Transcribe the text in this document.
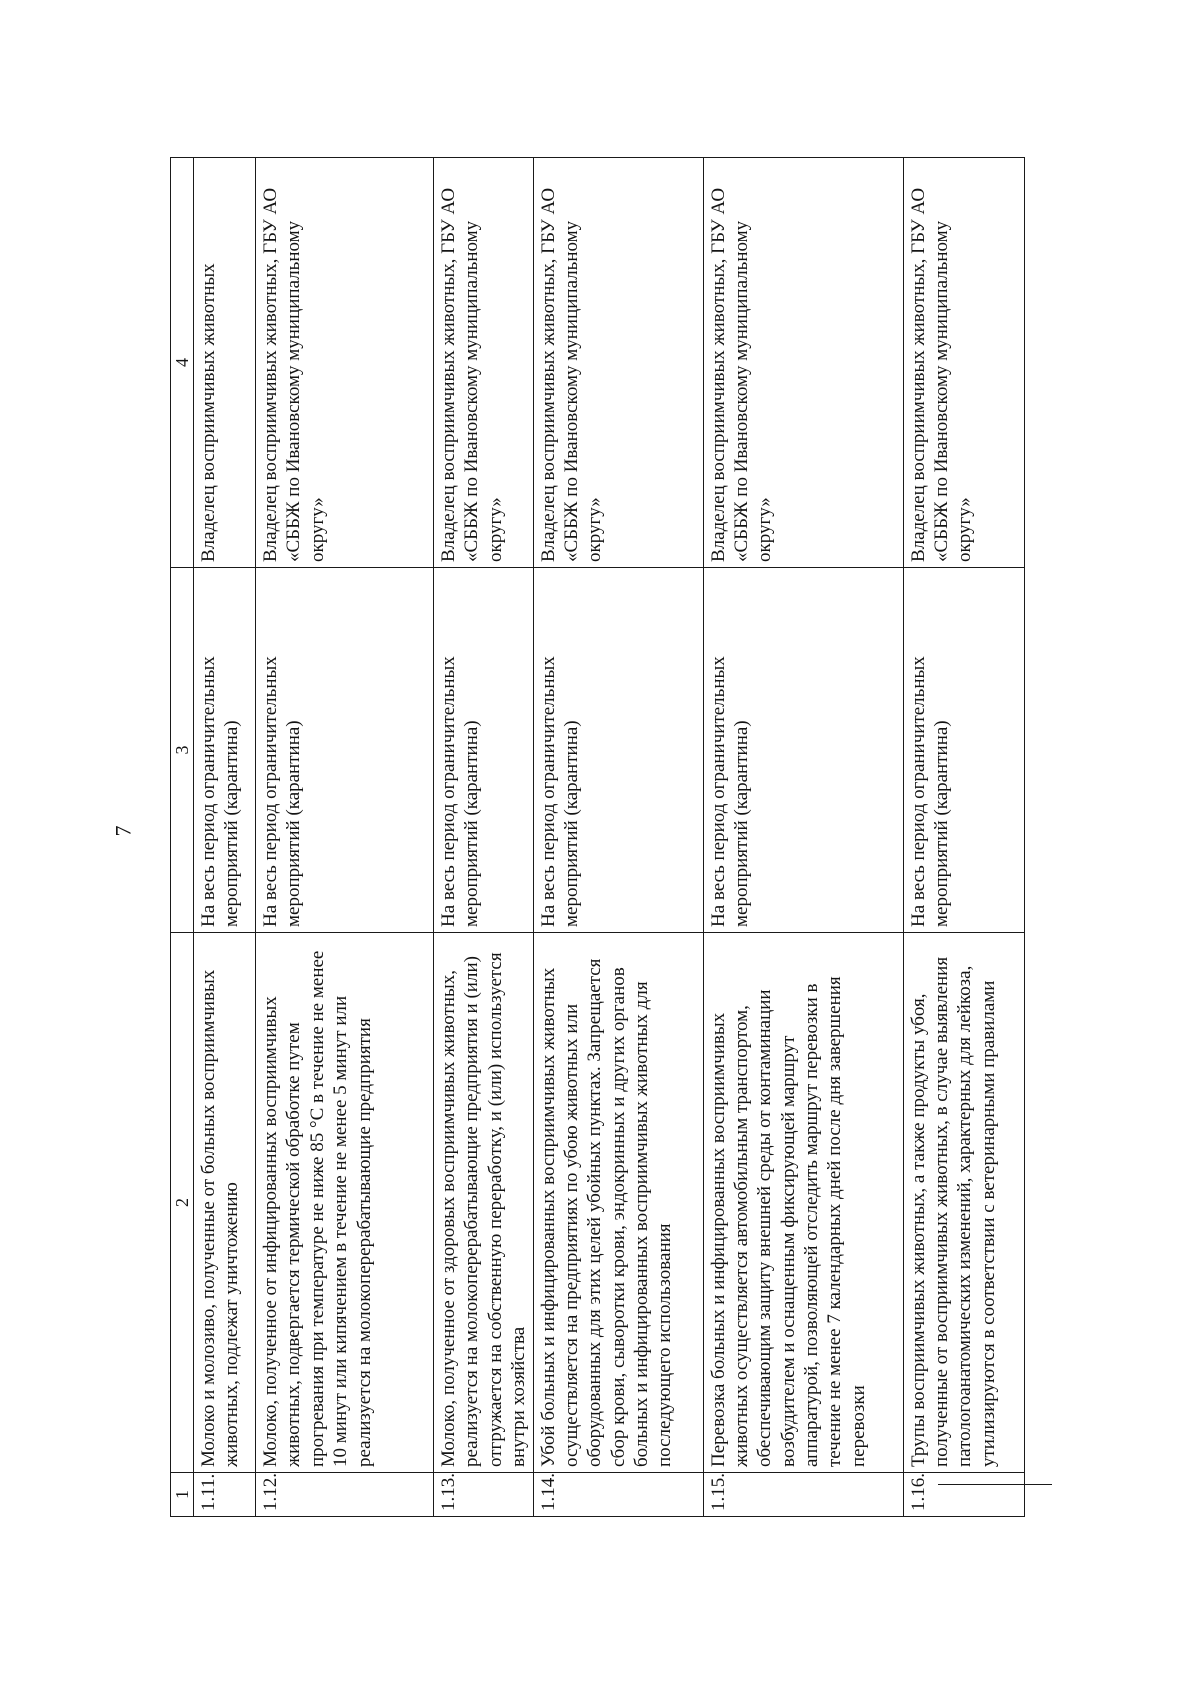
7
1	2	3	4
1.11.	Молоко и молозиво, полученные от больных восприимчивых животных, подлежат уничтожению	На весь период ограничительных мероприятий (карантина)	Владелец восприимчивых животных
1.12.	Молоко, полученное от инфицированных восприимчивых животных, подвергается термической обработке путем прогревания при температуре не ниже 85 °С в течение не менее 10 минут или кипячением в течение не менее 5 минут или реализуется на молокоперерабатывающие предприятия	На весь период ограничительных мероприятий (карантина)	Владелец восприимчивых животных, ГБУ АО «СББЖ по Ивановскому муниципальному округу»
1.13.	Молоко, полученное от здоровых восприимчивых животных, реализуется на молокоперерабатывающие предприятия и (или) отгружается на собственную переработку, и (или) используется внутри хозяйства	На весь период ограничительных мероприятий (карантина)	Владелец восприимчивых животных, ГБУ АО «СББЖ по Ивановскому муниципальному округу»
1.14.	Убой больных и инфицированных восприимчивых животных осуществляется на предприятиях по убою животных или оборудованных для этих целей убойных пунктах. Запрещается сбор крови, сыворотки крови, эндокринных и других органов больных и инфицированных восприимчивых животных для последующего использования	На весь период ограничительных мероприятий (карантина)	Владелец восприимчивых животных, ГБУ АО «СББЖ по Ивановскому муниципальному округу»
1.15.	Перевозка больных и инфицированных восприимчивых животных осуществляется автомобильным транспортом, обеспечивающим защиту внешней среды от контаминации возбудителем и оснащенным фиксирующей маршрут аппаратурой, позволяющей отследить маршрут перевозки в течение не менее 7 календарных дней после дня завершения перевозки	На весь период ограничительных мероприятий (карантина)	Владелец восприимчивых животных, ГБУ АО «СББЖ по Ивановскому муниципальному округу»
1.16.	Трупы восприимчивых животных, а также продукты убоя, полученные от восприимчивых животных, в случае выявления патологоанатомических изменений, характерных для лейкоза, утилизируются в соответствии с ветеринарными правилами	На весь период ограничительных мероприятий (карантина)	Владелец восприимчивых животных, ГБУ АО «СББЖ по Ивановскому муниципальному округу»
